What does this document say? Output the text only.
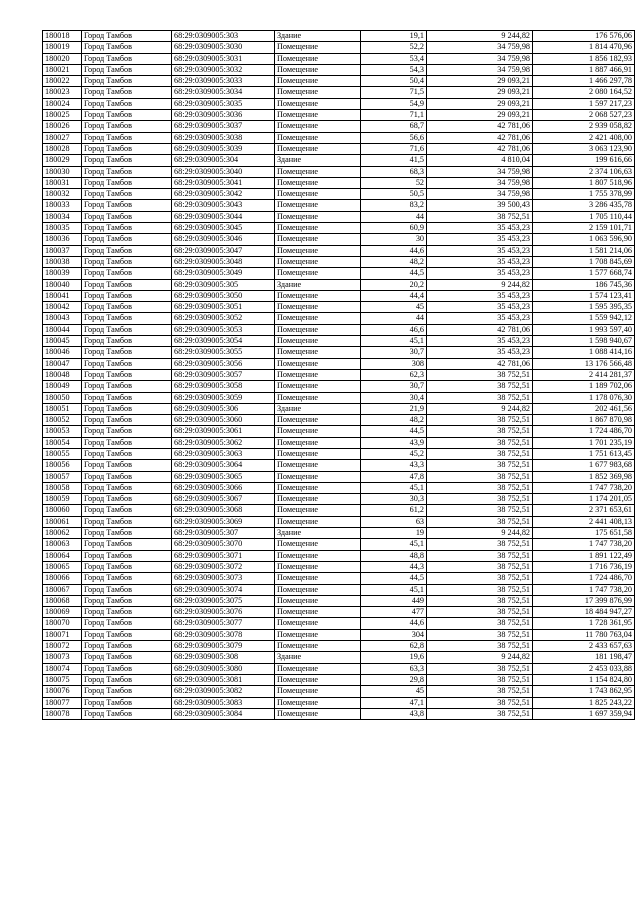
180018	Город Тамбов	68:29:0309005:303	Здание	19,1	9 244,82	176 576,06
180019	Город Тамбов	68:29:0309005:3030	Помещение	52,2	34 759,98	1 814 470,96
180020	Город Тамбов	68:29:0309005:3031	Помещение	53,4	34 759,98	1 856 182,93
180021	Город Тамбов	68:29:0309005:3032	Помещение	54,3	34 759,98	1 887 466,91
180022	Город Тамбов	68:29:0309005:3033	Помещение	50,4	29 093,21	1 466 297,78
180023	Город Тамбов	68:29:0309005:3034	Помещение	71,5	29 093,21	2 080 164,52
180024	Город Тамбов	68:29:0309005:3035	Помещение	54,9	29 093,21	1 597 217,23
180025	Город Тамбов	68:29:0309005:3036	Помещение	71,1	29 093,21	2 068 527,23
180026	Город Тамбов	68:29:0309005:3037	Помещение	68,7	42 781,06	2 939 058,82
180027	Город Тамбов	68:29:0309005:3038	Помещение	56,6	42 781,06	2 421 408,00
180028	Город Тамбов	68:29:0309005:3039	Помещение	71,6	42 781,06	3 063 123,90
180029	Город Тамбов	68:29:0309005:304	Здание	41,5	4 810,04	199 616,66
180030	Город Тамбов	68:29:0309005:3040	Помещение	68,3	34 759,98	2 374 106,63
180031	Город Тамбов	68:29:0309005:3041	Помещение	52	34 759,98	1 807 518,96
180032	Город Тамбов	68:29:0309005:3042	Помещение	50,5	34 759,98	1 755 378,99
180033	Город Тамбов	68:29:0309005:3043	Помещение	83,2	39 500,43	3 286 435,78
180034	Город Тамбов	68:29:0309005:3044	Помещение	44	38 752,51	1 705 110,44
180035	Город Тамбов	68:29:0309005:3045	Помещение	60,9	35 453,23	2 159 101,71
180036	Город Тамбов	68:29:0309005:3046	Помещение	30	35 453,23	1 063 596,90
180037	Город Тамбов	68:29:0309005:3047	Помещение	44,6	35 453,23	1 581 214,06
180038	Город Тамбов	68:29:0309005:3048	Помещение	48,2	35 453,23	1 708 845,69
180039	Город Тамбов	68:29:0309005:3049	Помещение	44,5	35 453,23	1 577 668,74
180040	Город Тамбов	68:29:0309005:305	Здание	20,2	9 244,82	186 745,36
180041	Город Тамбов	68:29:0309005:3050	Помещение	44,4	35 453,23	1 574 123,41
180042	Город Тамбов	68:29:0309005:3051	Помещение	45	35 453,23	1 595 395,35
180043	Город Тамбов	68:29:0309005:3052	Помещение	44	35 453,23	1 559 942,12
180044	Город Тамбов	68:29:0309005:3053	Помещение	46,6	42 781,06	1 993 597,40
180045	Город Тамбов	68:29:0309005:3054	Помещение	45,1	35 453,23	1 598 940,67
180046	Город Тамбов	68:29:0309005:3055	Помещение	30,7	35 453,23	1 088 414,16
180047	Город Тамбов	68:29:0309005:3056	Помещение	308	42 781,06	13 176 566,48
180048	Город Тамбов	68:29:0309005:3057	Помещение	62,3	38 752,51	2 414 281,37
180049	Город Тамбов	68:29:0309005:3058	Помещение	30,7	38 752,51	1 189 702,06
180050	Город Тамбов	68:29:0309005:3059	Помещение	30,4	38 752,51	1 178 076,30
180051	Город Тамбов	68:29:0309005:306	Здание	21,9	9 244,82	202 461,56
180052	Город Тамбов	68:29:0309005:3060	Помещение	48,2	38 752,51	1 867 870,98
180053	Город Тамбов	68:29:0309005:3061	Помещение	44,5	38 752,51	1 724 486,70
180054	Город Тамбов	68:29:0309005:3062	Помещение	43,9	38 752,51	1 701 235,19
180055	Город Тамбов	68:29:0309005:3063	Помещение	45,2	38 752,51	1 751 613,45
180056	Город Тамбов	68:29:0309005:3064	Помещение	43,3	38 752,51	1 677 983,68
180057	Город Тамбов	68:29:0309005:3065	Помещение	47,8	38 752,51	1 852 369,98
180058	Город Тамбов	68:29:0309005:3066	Помещение	45,1	38 752,51	1 747 738,20
180059	Город Тамбов	68:29:0309005:3067	Помещение	30,3	38 752,51	1 174 201,05
180060	Город Тамбов	68:29:0309005:3068	Помещение	61,2	38 752,51	2 371 653,61
180061	Город Тамбов	68:29:0309005:3069	Помещение	63	38 752,51	2 441 408,13
180062	Город Тамбов	68:29:0309005:307	Здание	19	9 244,82	175 651,58
180063	Город Тамбов	68:29:0309005:3070	Помещение	45,1	38 752,51	1 747 738,20
180064	Город Тамбов	68:29:0309005:3071	Помещение	48,8	38 752,51	1 891 122,49
180065	Город Тамбов	68:29:0309005:3072	Помещение	44,3	38 752,51	1 716 736,19
180066	Город Тамбов	68:29:0309005:3073	Помещение	44,5	38 752,51	1 724 486,70
180067	Город Тамбов	68:29:0309005:3074	Помещение	45,1	38 752,51	1 747 738,20
180068	Город Тамбов	68:29:0309005:3075	Помещение	449	38 752,51	17 399 876,99
180069	Город Тамбов	68:29:0309005:3076	Помещение	477	38 752,51	18 484 947,27
180070	Город Тамбов	68:29:0309005:3077	Помещение	44,6	38 752,51	1 728 361,95
180071	Город Тамбов	68:29:0309005:3078	Помещение	304	38 752,51	11 780 763,04
180072	Город Тамбов	68:29:0309005:3079	Помещение	62,8	38 752,51	2 433 657,63
180073	Город Тамбов	68:29:0309005:308	Здание	19,6	9 244,82	181 198,47
180074	Город Тамбов	68:29:0309005:3080	Помещение	63,3	38 752,51	2 453 033,88
180075	Город Тамбов	68:29:0309005:3081	Помещение	29,8	38 752,51	1 154 824,80
180076	Город Тамбов	68:29:0309005:3082	Помещение	45	38 752,51	1 743 862,95
180077	Город Тамбов	68:29:0309005:3083	Помещение	47,1	38 752,51	1 825 243,22
180078	Город Тамбов	68:29:0309005:3084	Помещение	43,8	38 752,51	1 697 359,94
